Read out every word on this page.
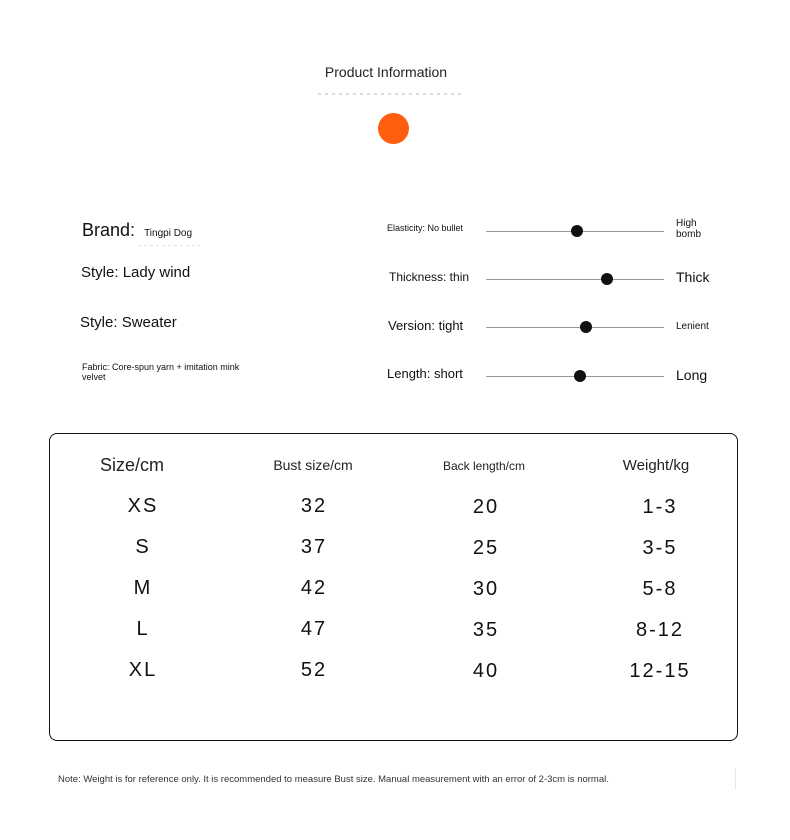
Product Information
Brand: Tingpi Dog
Style: Lady wind
Style: Sweater
Fabric: Core-spun yarn + imitation mink velvet
Elasticity: No bullet	High bomb
Thickness: thin	Thick
Version: tight	Lenient
Length: short	Long
Size/cm	Bust size/cm	Back length/cm	Weight/kg
XS	32	20	1-3
S	37	25	3-5
M	42	30	5-8
L	47	35	8-12
XL	52	40	12-15
Note: Weight is for reference only. It is recommended to measure Bust size. Manual measurement with an error of 2-3cm is normal.
